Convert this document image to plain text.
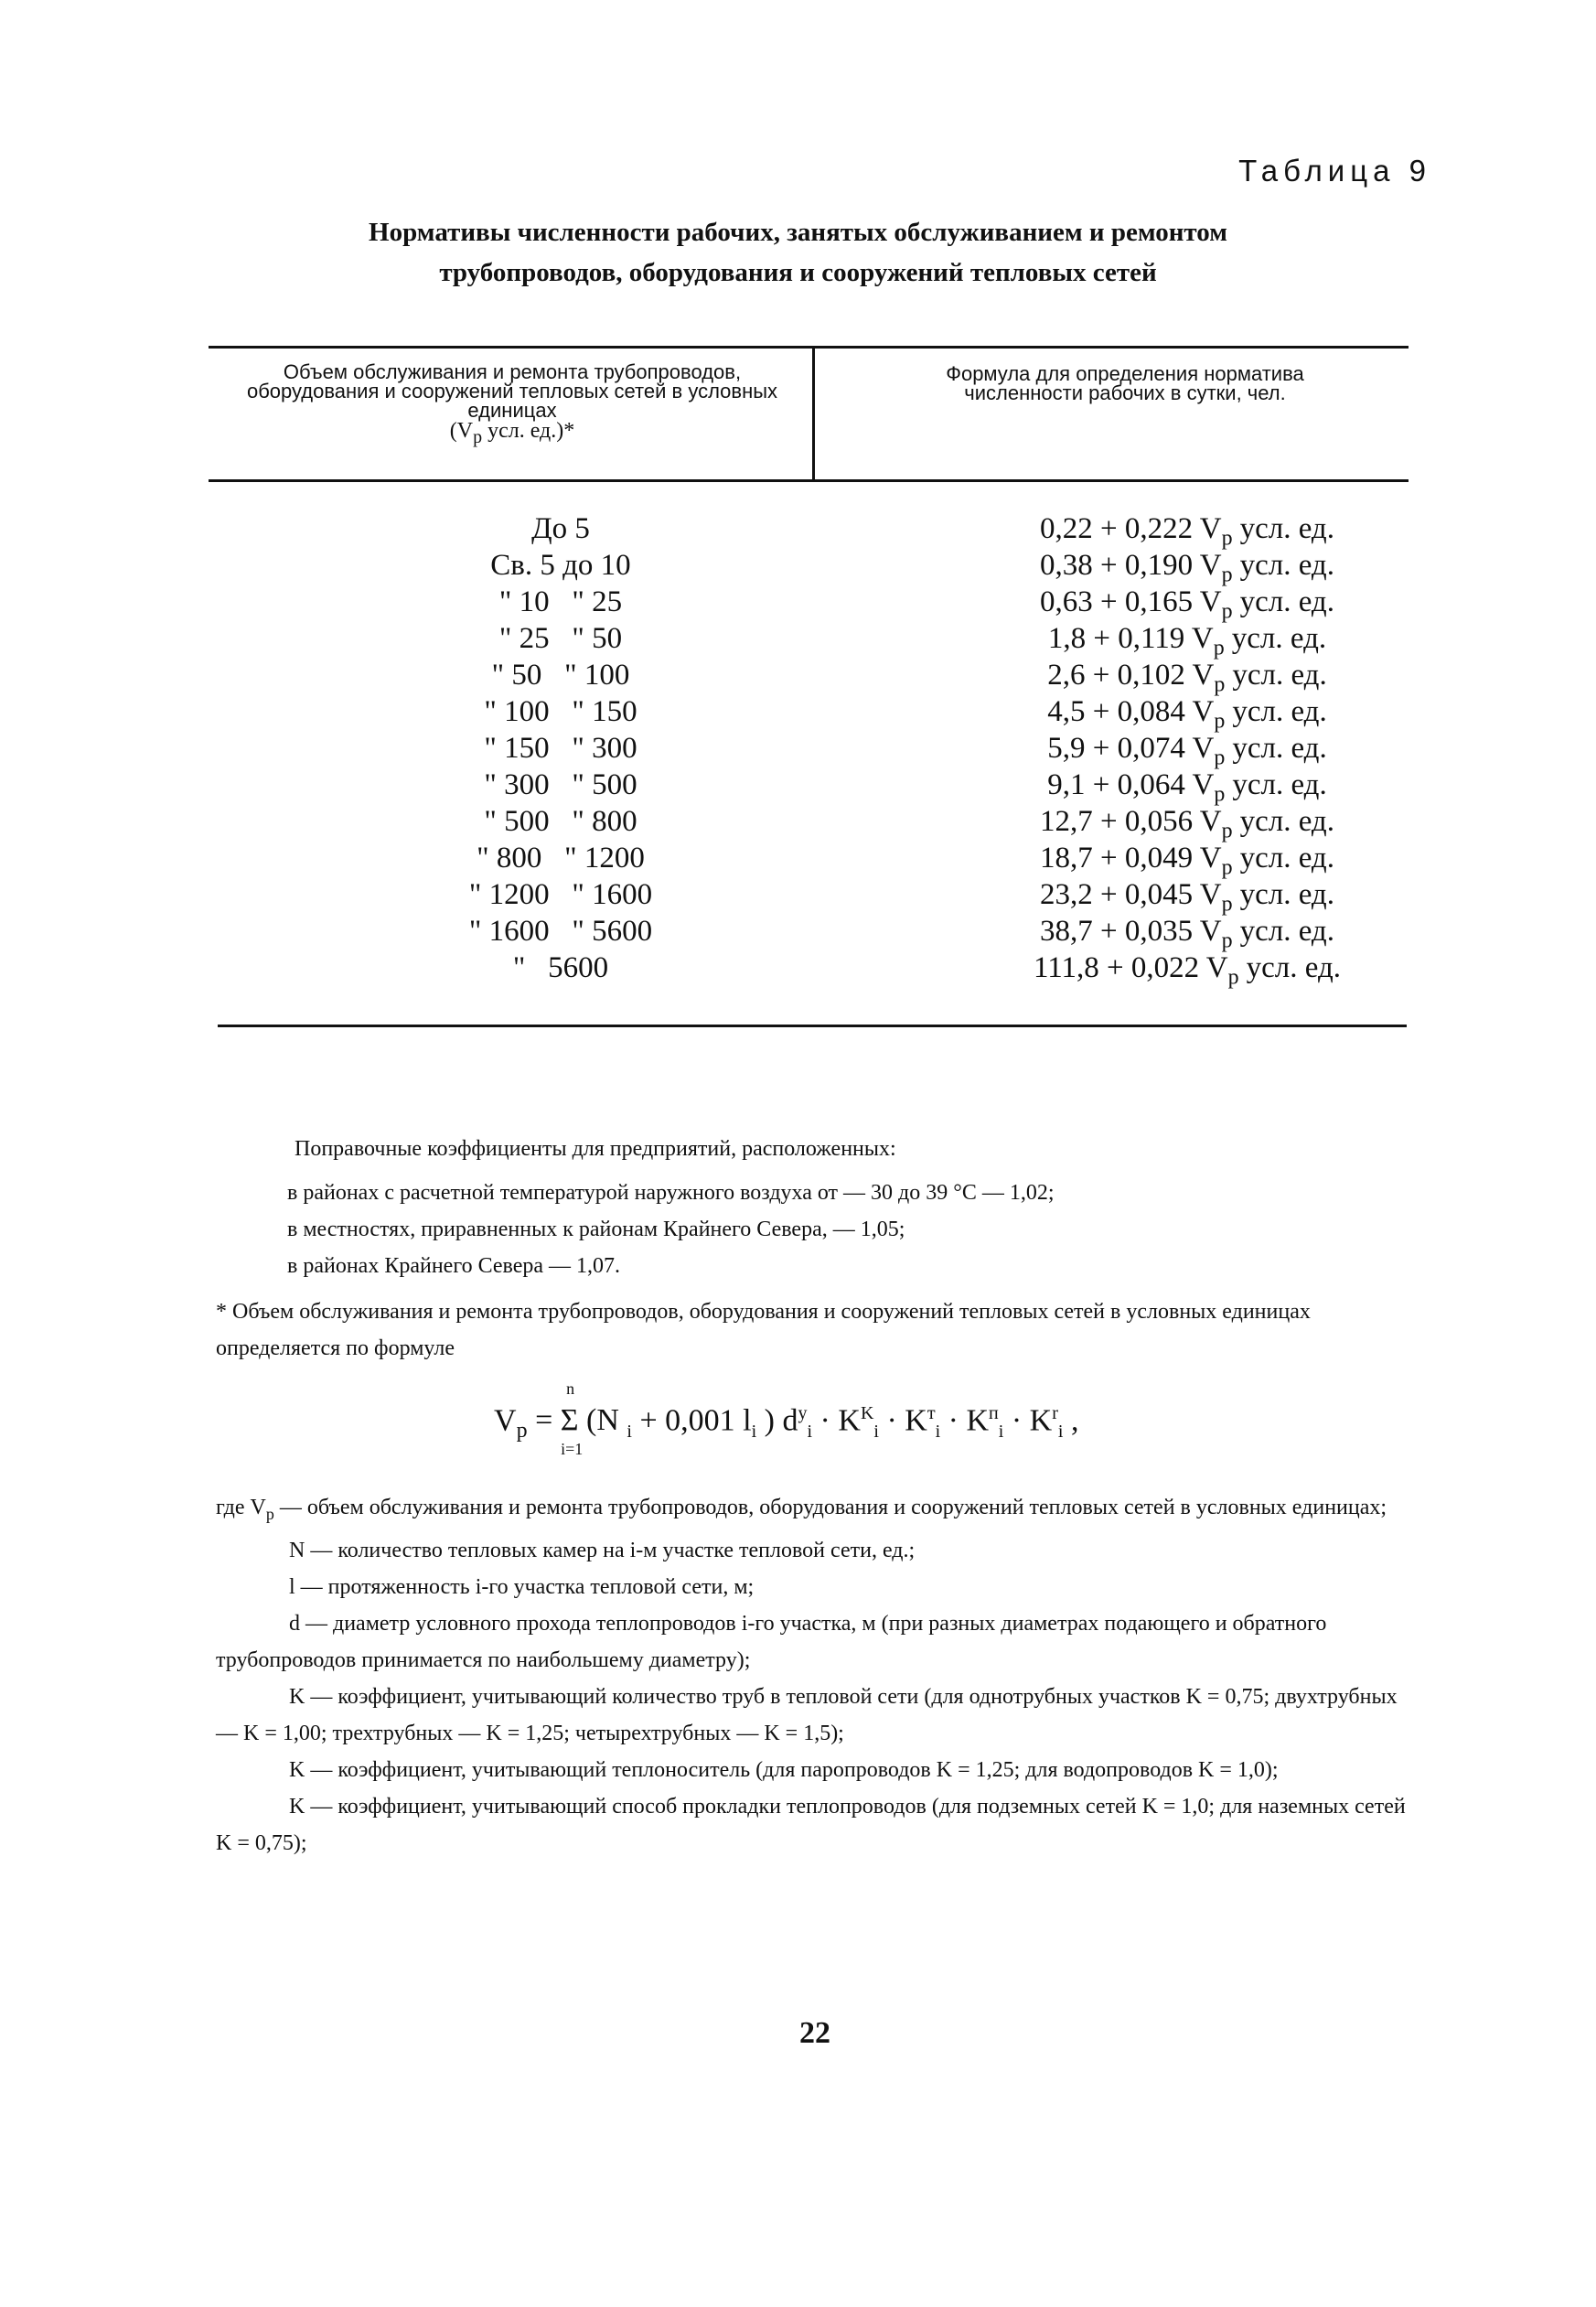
Таблица 9
Нормативы численности рабочих, занятых обслуживанием и ремонтом трубопроводов, оборудования и сооружений тепловых сетей
Объем обслуживания и ремонта трубопроводов, оборудования и сооружений тепловых сетей в условных единицах
($V_р$ усл. ед.)*
Формула для определения норматива численности рабочих в сутки, чел.
До 5	0,22 + 0,222 $V_р$ усл. ед.
Св. 5 до 10	0,38 + 0,190 $V_р$ усл. ед.
" 10   " 25	0,63 + 0,165 $V_р$ усл. ед.
" 25   " 50	1,8 + 0,119 $V_р$ усл. ед.
" 50   " 100	2,6 + 0,102 $V_р$ усл. ед.
" 100   " 150	4,5 + 0,084 $V_р$ усл. ед.
" 150   " 300	5,9 + 0,074 $V_р$ усл. ед.
" 300   " 500	9,1 + 0,064 $V_р$ усл. ед.
" 500   " 800	12,7 + 0,056 $V_р$ усл. ед.
" 800   " 1200	18,7 + 0,049 $V_р$ усл. ед.
" 1200   " 1600	23,2 + 0,045 $V_р$ усл. ед.
" 1600   " 5600	38,7 + 0,035 $V_р$ усл. ед.
"   5600	111,8 + 0,022 $V_р$ усл. ед.
Поправочные коэффициенты для предприятий, расположенных:
в районах с расчетной температурой наружного воздуха от — 30 до 39 °С — 1,02;
в местностях, приравненных к районам Крайнего Севера, — 1,05;
в районах Крайнего Севера — 1,07.
* Объем обслуживания и ремонта трубопроводов, оборудования и сооружений тепловых сетей в условных единицах определяется по формуле
$V_р$
n
i=1
= Σ (N $_i$ + 0,001 $l_i$ ) $d^y_i \cdot K^K_i \cdot K^т_i \cdot K^п_i \cdot K^r_i$ ,
где $V_р$ — объем обслуживания и ремонта трубопроводов, оборудования и сооружений тепловых сетей в условных единицах;
N — количество тепловых камер на i-м участке тепловой сети, ед.;
l — протяженность i-го участка тепловой сети, м;
d — диаметр условного прохода теплопроводов i-го участка, м (при разных диаметрах подающего и обратного трубопроводов принимается по наибольшему диаметру);
K — коэффициент, учитывающий количество труб в тепловой сети (для однотрубных участков K = 0,75; двухтрубных — K = 1,00; трехтрубных — K = 1,25; четырехтрубных — K = 1,5);
K — коэффициент, учитывающий теплоноситель (для паропроводов K = 1,25; для водопроводов K = 1,0);
K — коэффициент, учитывающий способ прокладки теплопроводов (для подземных сетей K = 1,0; для наземных сетей K = 0,75);
22
